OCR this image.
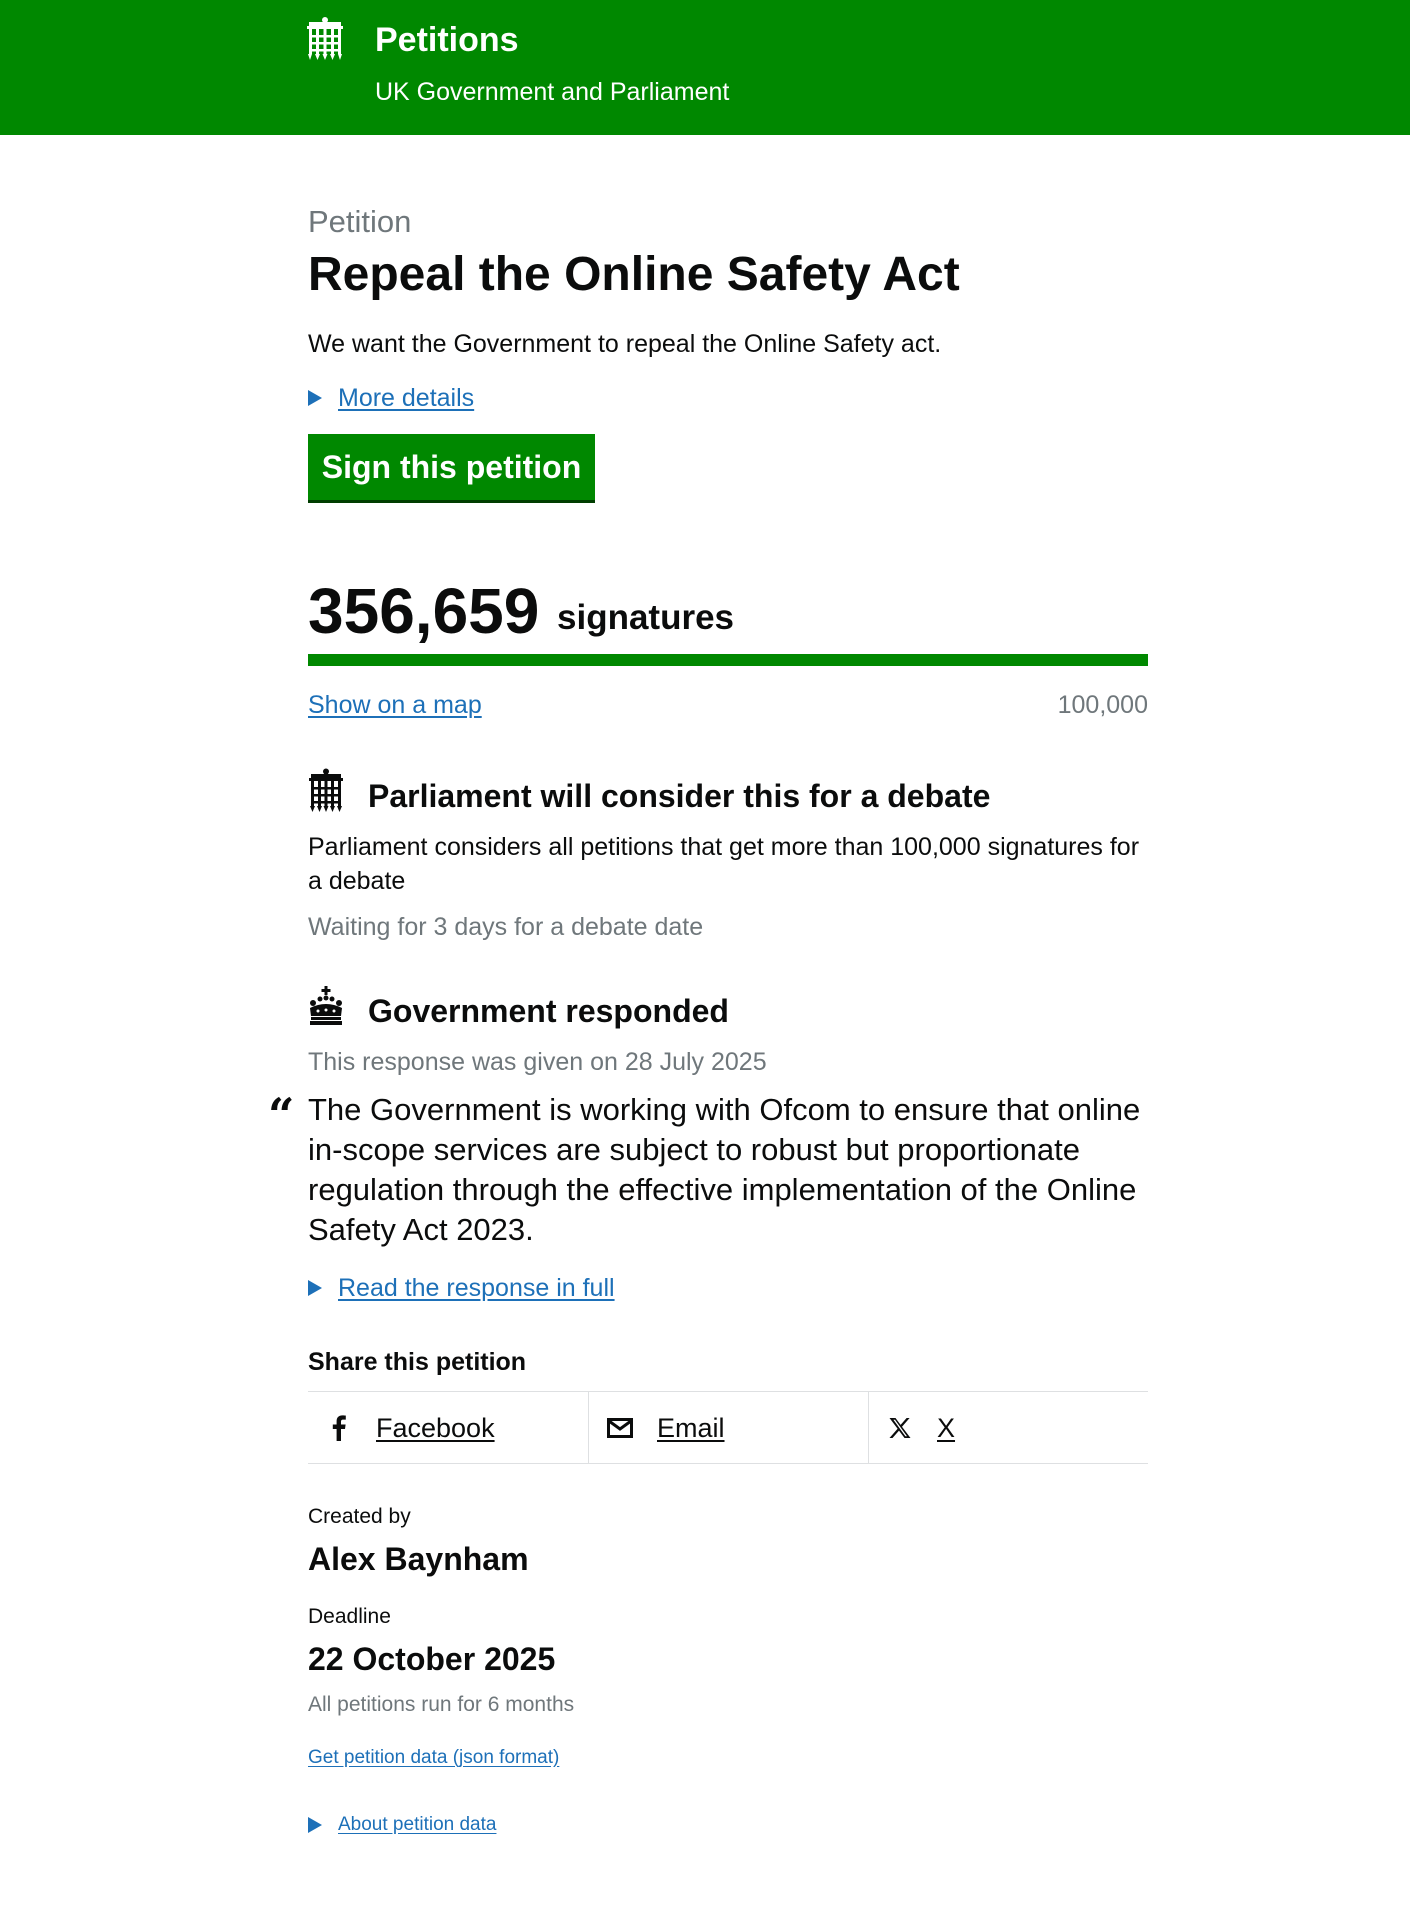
Petitions
UK Government and Parliament
Petition
Repeal the Online Safety Act

We want the Government to repeal the Online Safety act.

More details
Sign this petition
356,659 signatures
Show on a map	100,000
Parliament will consider this for a debate

Parliament considers all petitions that get more than 100,000 signatures for a debate

Waiting for 3 days for a debate date

Government responded

This response was given on 28 July 2025

“ The Government is working with Ofcom to ensure that online in-scope services are subject to robust but proportionate regulation through the effective implementation of the Online Safety Act 2023.
Read the response in full
Share this petition
Facebook	Email	X
Created by
Alex Baynham
Deadline
22 October 2025
All petitions run for 6 months
Get petition data (json format)
About petition data
